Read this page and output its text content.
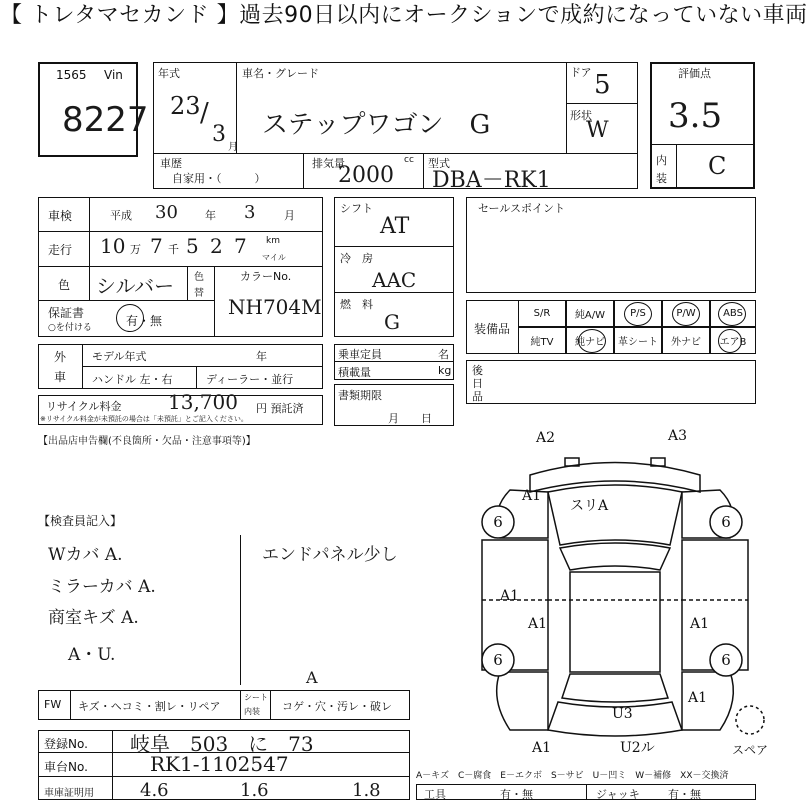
【 トレタマセカンド 】過去90日以内にオークションで成約になっていない車両
1565 Vin
8227
年式
23 /
3
月
車名・グレード
ステップワゴン　G
ドア 5
形状
W
車歴
自家用・（　　　）
排気量	cc
2000	型式
DBA－RK1
評価点
3.5
内
装 C
車検	平成 30 年 3	月
走行 10 万 7 千 5 2 7 km
マイル
色 シルバー 色
替
カラーNo.
NH704M
保証書
○を付ける	有・無
シフト
AT
冷　房
AAC
燃　料
G
セールスポイント
装備品
S/R	純A/W	P/S	P/W	ABS
純TV	純ナビ	革シート	外ナビ	エアB
後
日
品
外
車
モデル年式	年
ハンドル 左・右	ディーラー・並行
乗車定員	名
積載量	kg
書類期限
月　　日
リサイクル料金
※リサイクル料金が未預託の場合は「未預託」とご記入ください。
13,700 円 預託済
【出品店申告欄(不良箇所・欠品・注意事項等)】
【検査員記入】
Wカバ A.
ミラーカバ A.
商室キズ A.
A・U.
エンドパネル少し
A
FW キズ・ヘコミ・割レ・リペア
シート
内装 コゲ・穴・汚レ・破レ
登録No. 岐阜　503　に　73
車台No.	RK1-1102547
車庫証明用	4.6	1.6	1.8	工具	有・無	ジャッキ	有・無
A2	A3
スリA
A1
A1
A1	A1
U3
A1
A1	U2ル	スペア
6	6
6	6
A－キズ　C－腐食　E－エクボ　S－サビ　U－凹ミ　W－補修　XX－交換済
